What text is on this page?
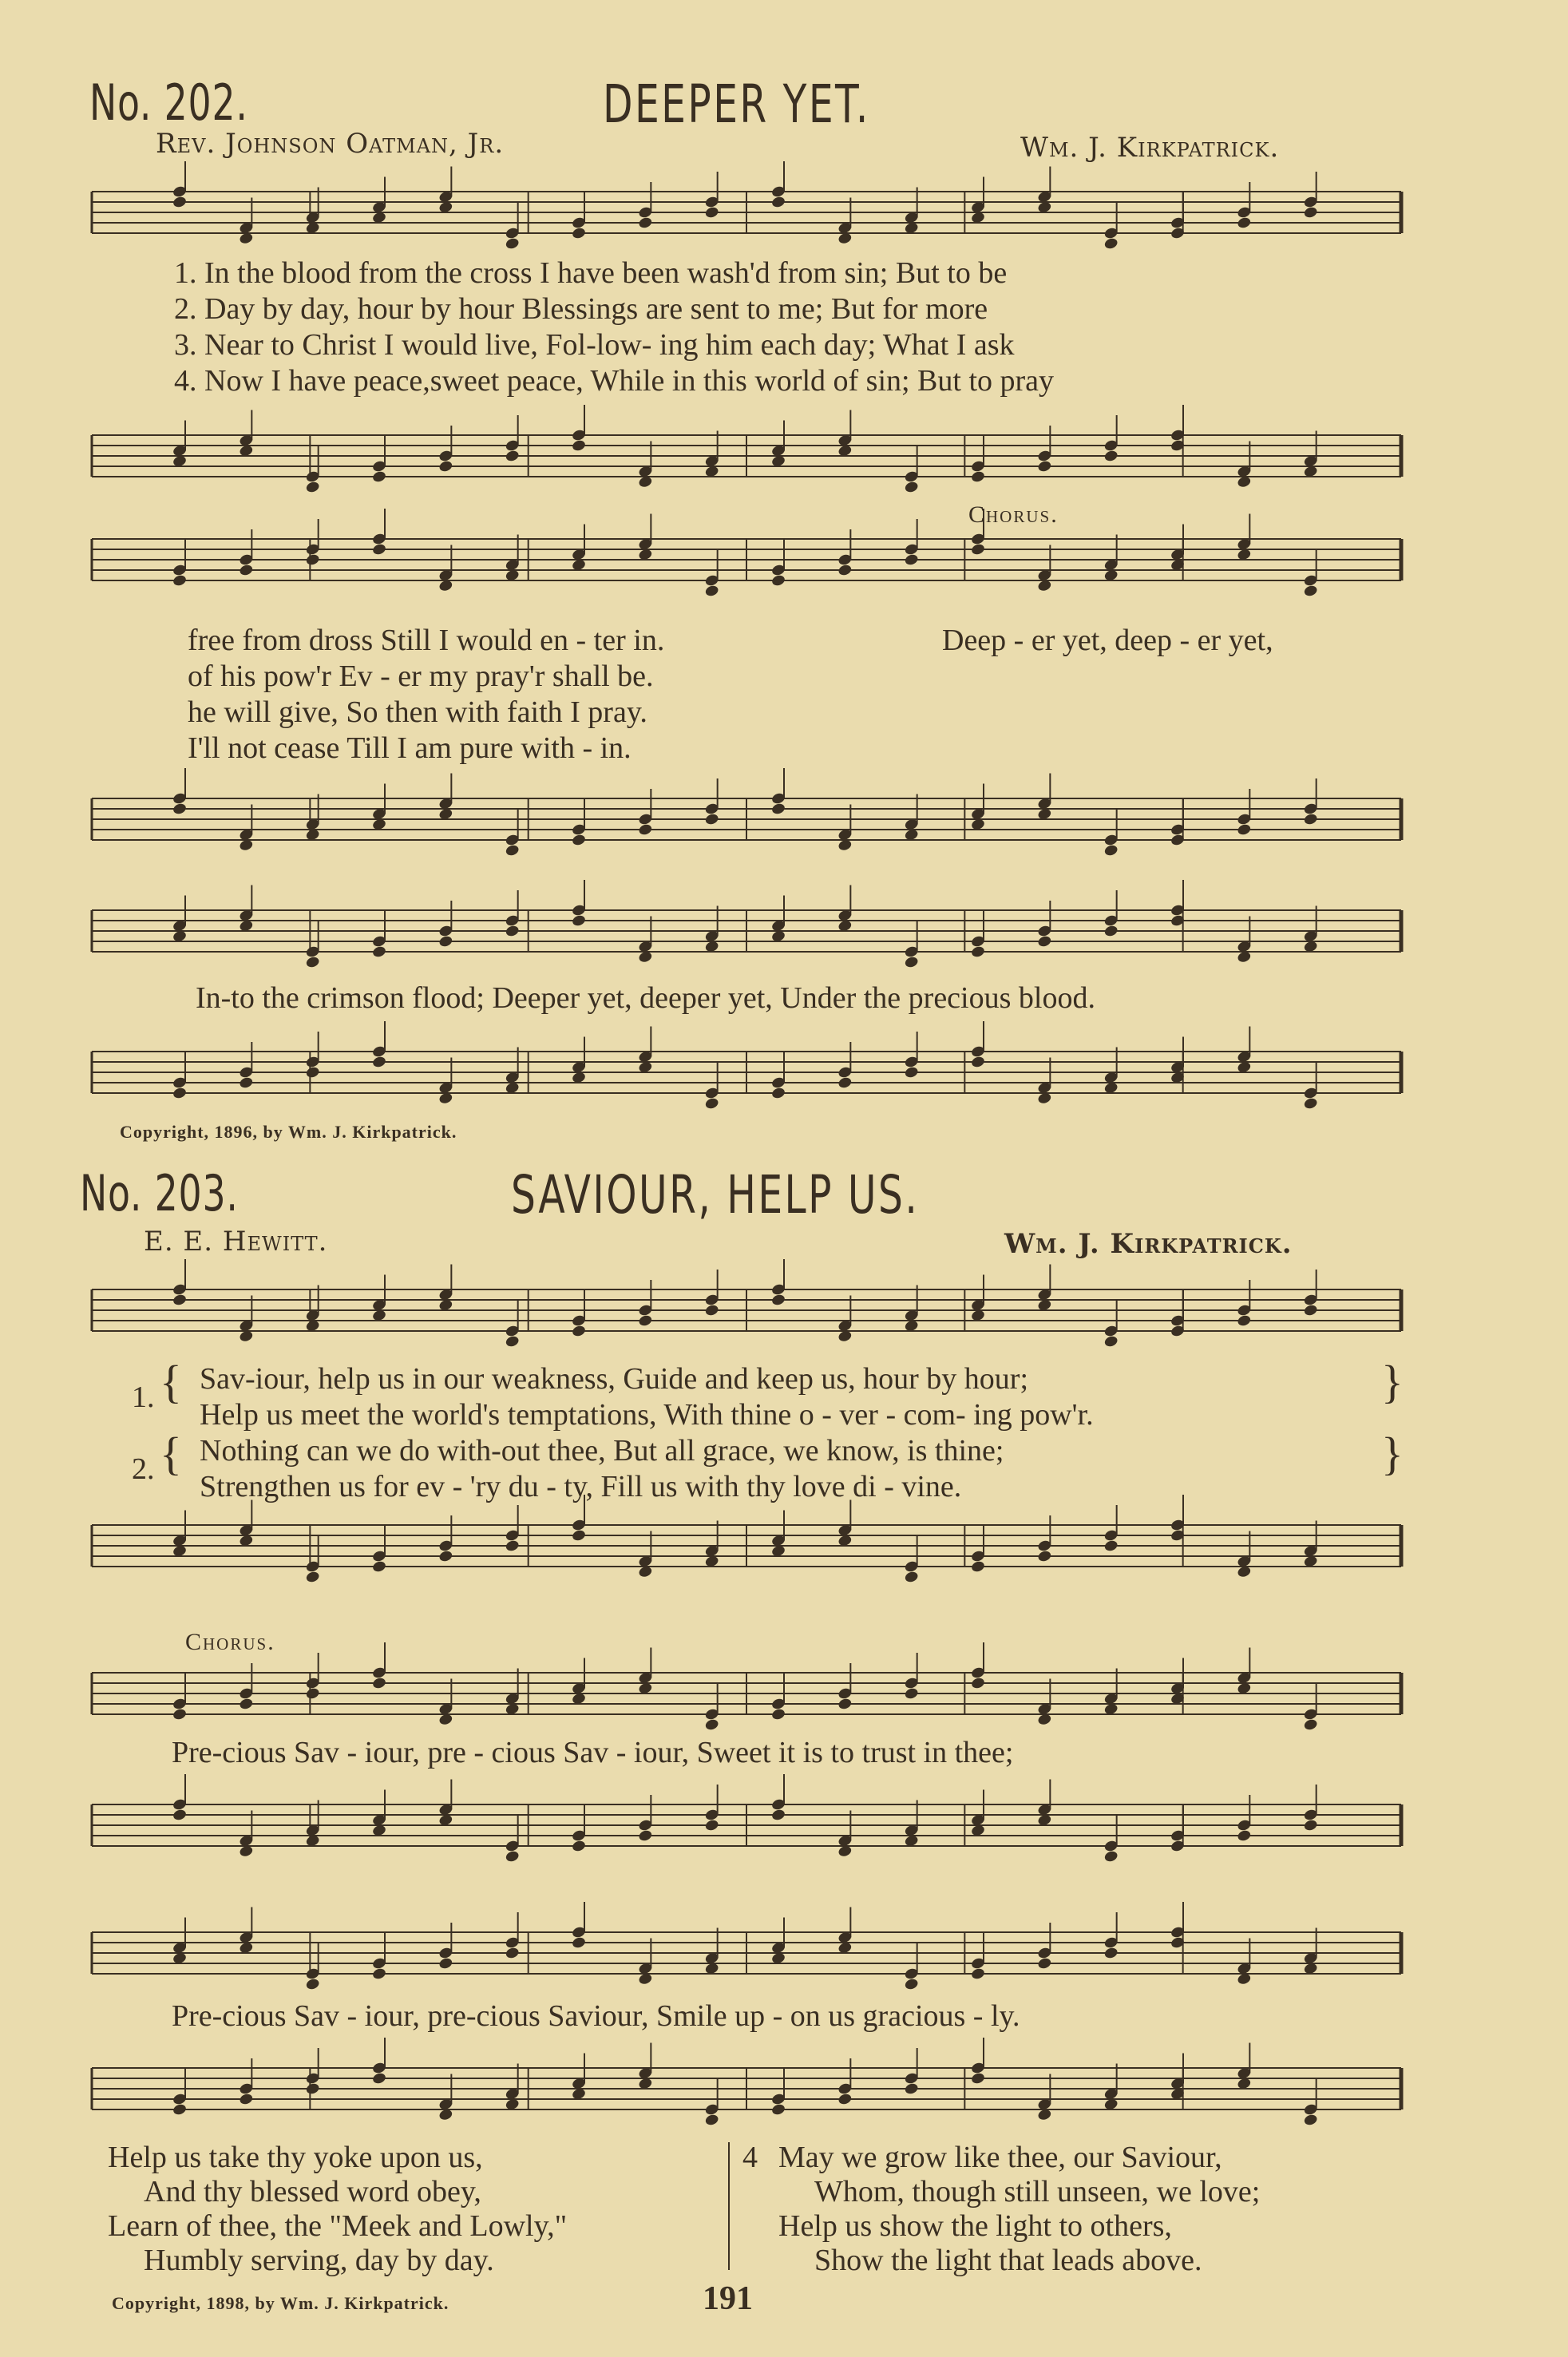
No. 202.	DEEPER YET.
Rev. Johnson Oatman, Jr.	Wm. J. Kirkpatrick.
1. In the blood from the cross I have been wash'd from sin; But to be
2. Day by day, hour by hour Blessings are sent to me; But for more
3. Near to Christ I would live, Fol-low- ing him each day; What I ask
4. Now I have peace,sweet peace, While in this world of sin; But to pray
Chorus.
free from dross Still I would en - ter in.	Deep - er yet, deep - er yet,
of his pow'r Ev - er my pray'r shall be.
he will give, So then with faith I pray.
I'll not cease Till I am pure with - in.
In-to the crimson flood; Deeper yet, deeper yet, Under the precious blood.
Copyright, 1896, by Wm. J. Kirkpatrick.
No. 203.	SAVIOUR, HELP US.
E. E. Hewitt.	Wm. J. Kirkpatrick.
1. { Sav-iour, help us in our weakness, Guide and keep us, hour by hour;
Help us meet the world's temptations, With thine o - ver - com- ing pow'r.
}
2. { Nothing can we do with-out thee, But all grace, we know, is thine;
Strengthen us for ev - 'ry du - ty, Fill us with thy love di - vine.
}
Chorus.
Pre-cious Sav - iour, pre - cious Sav - iour, Sweet it is to trust in thee;
Pre-cious Sav - iour, pre-cious Saviour, Smile up - on us gracious - ly.
Help us take thy yoke upon us,
And thy blessed word obey,
Learn of thee, the "Meek and Lowly,"
Humbly serving, day by day.
4 May we grow like thee, our Saviour,
Whom, though still unseen, we love;
Help us show the light to others,
Show the light that leads above.
Copyright, 1898, by Wm. J. Kirkpatrick.	191
